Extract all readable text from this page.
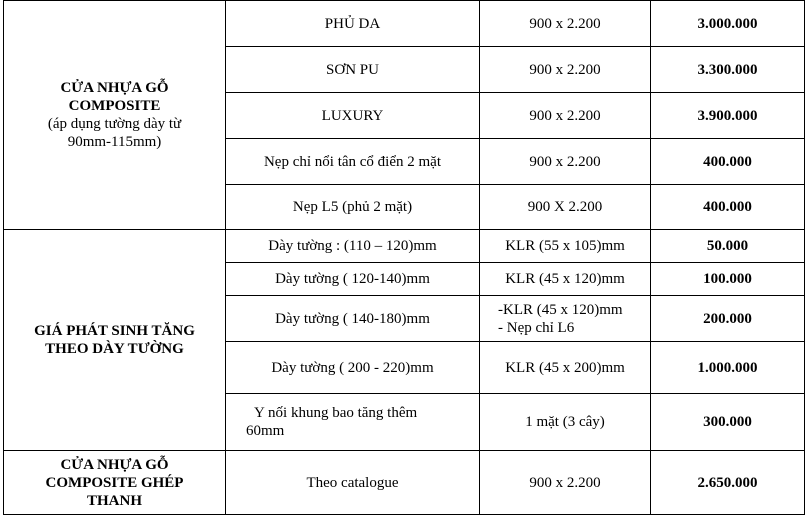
CỬA NHỰA GỖ
COMPOSITE
(áp dụng tường dày từ
90mm-115mm)	PHỦ DA	900 x 2.200	3.000.000
	SƠN PU	900 x 2.200	3.300.000
	LUXURY	900 x 2.200	3.900.000
	Nẹp chỉ nổi tân cổ điển 2 mặt	900 x 2.200	400.000
	Nẹp L5 (phủ 2 mặt)	900 X 2.200	400.000

GIÁ PHÁT SINH TĂNG
THEO DÀY TƯỜNG	Dày tường : (110 – 120)mm	KLR (55 x 105)mm	50.000
	Dày tường ( 120-140)mm	KLR (45 x 120)mm	100.000
	Dày tường ( 140-180)mm	-KLR (45 x 120)mm
- Nẹp chỉ L6	200.000
	Dày tường ( 200 - 220)mm	KLR (45 x 200)mm	1.000.000

	Y nối khung bao tăng thêm
60mm	1 mặt (3 cây)	300.000

CỬA NHỰA GỖ
COMPOSITE GHÉP
THANH	Theo catalogue	900 x 2.200	2.650.000
